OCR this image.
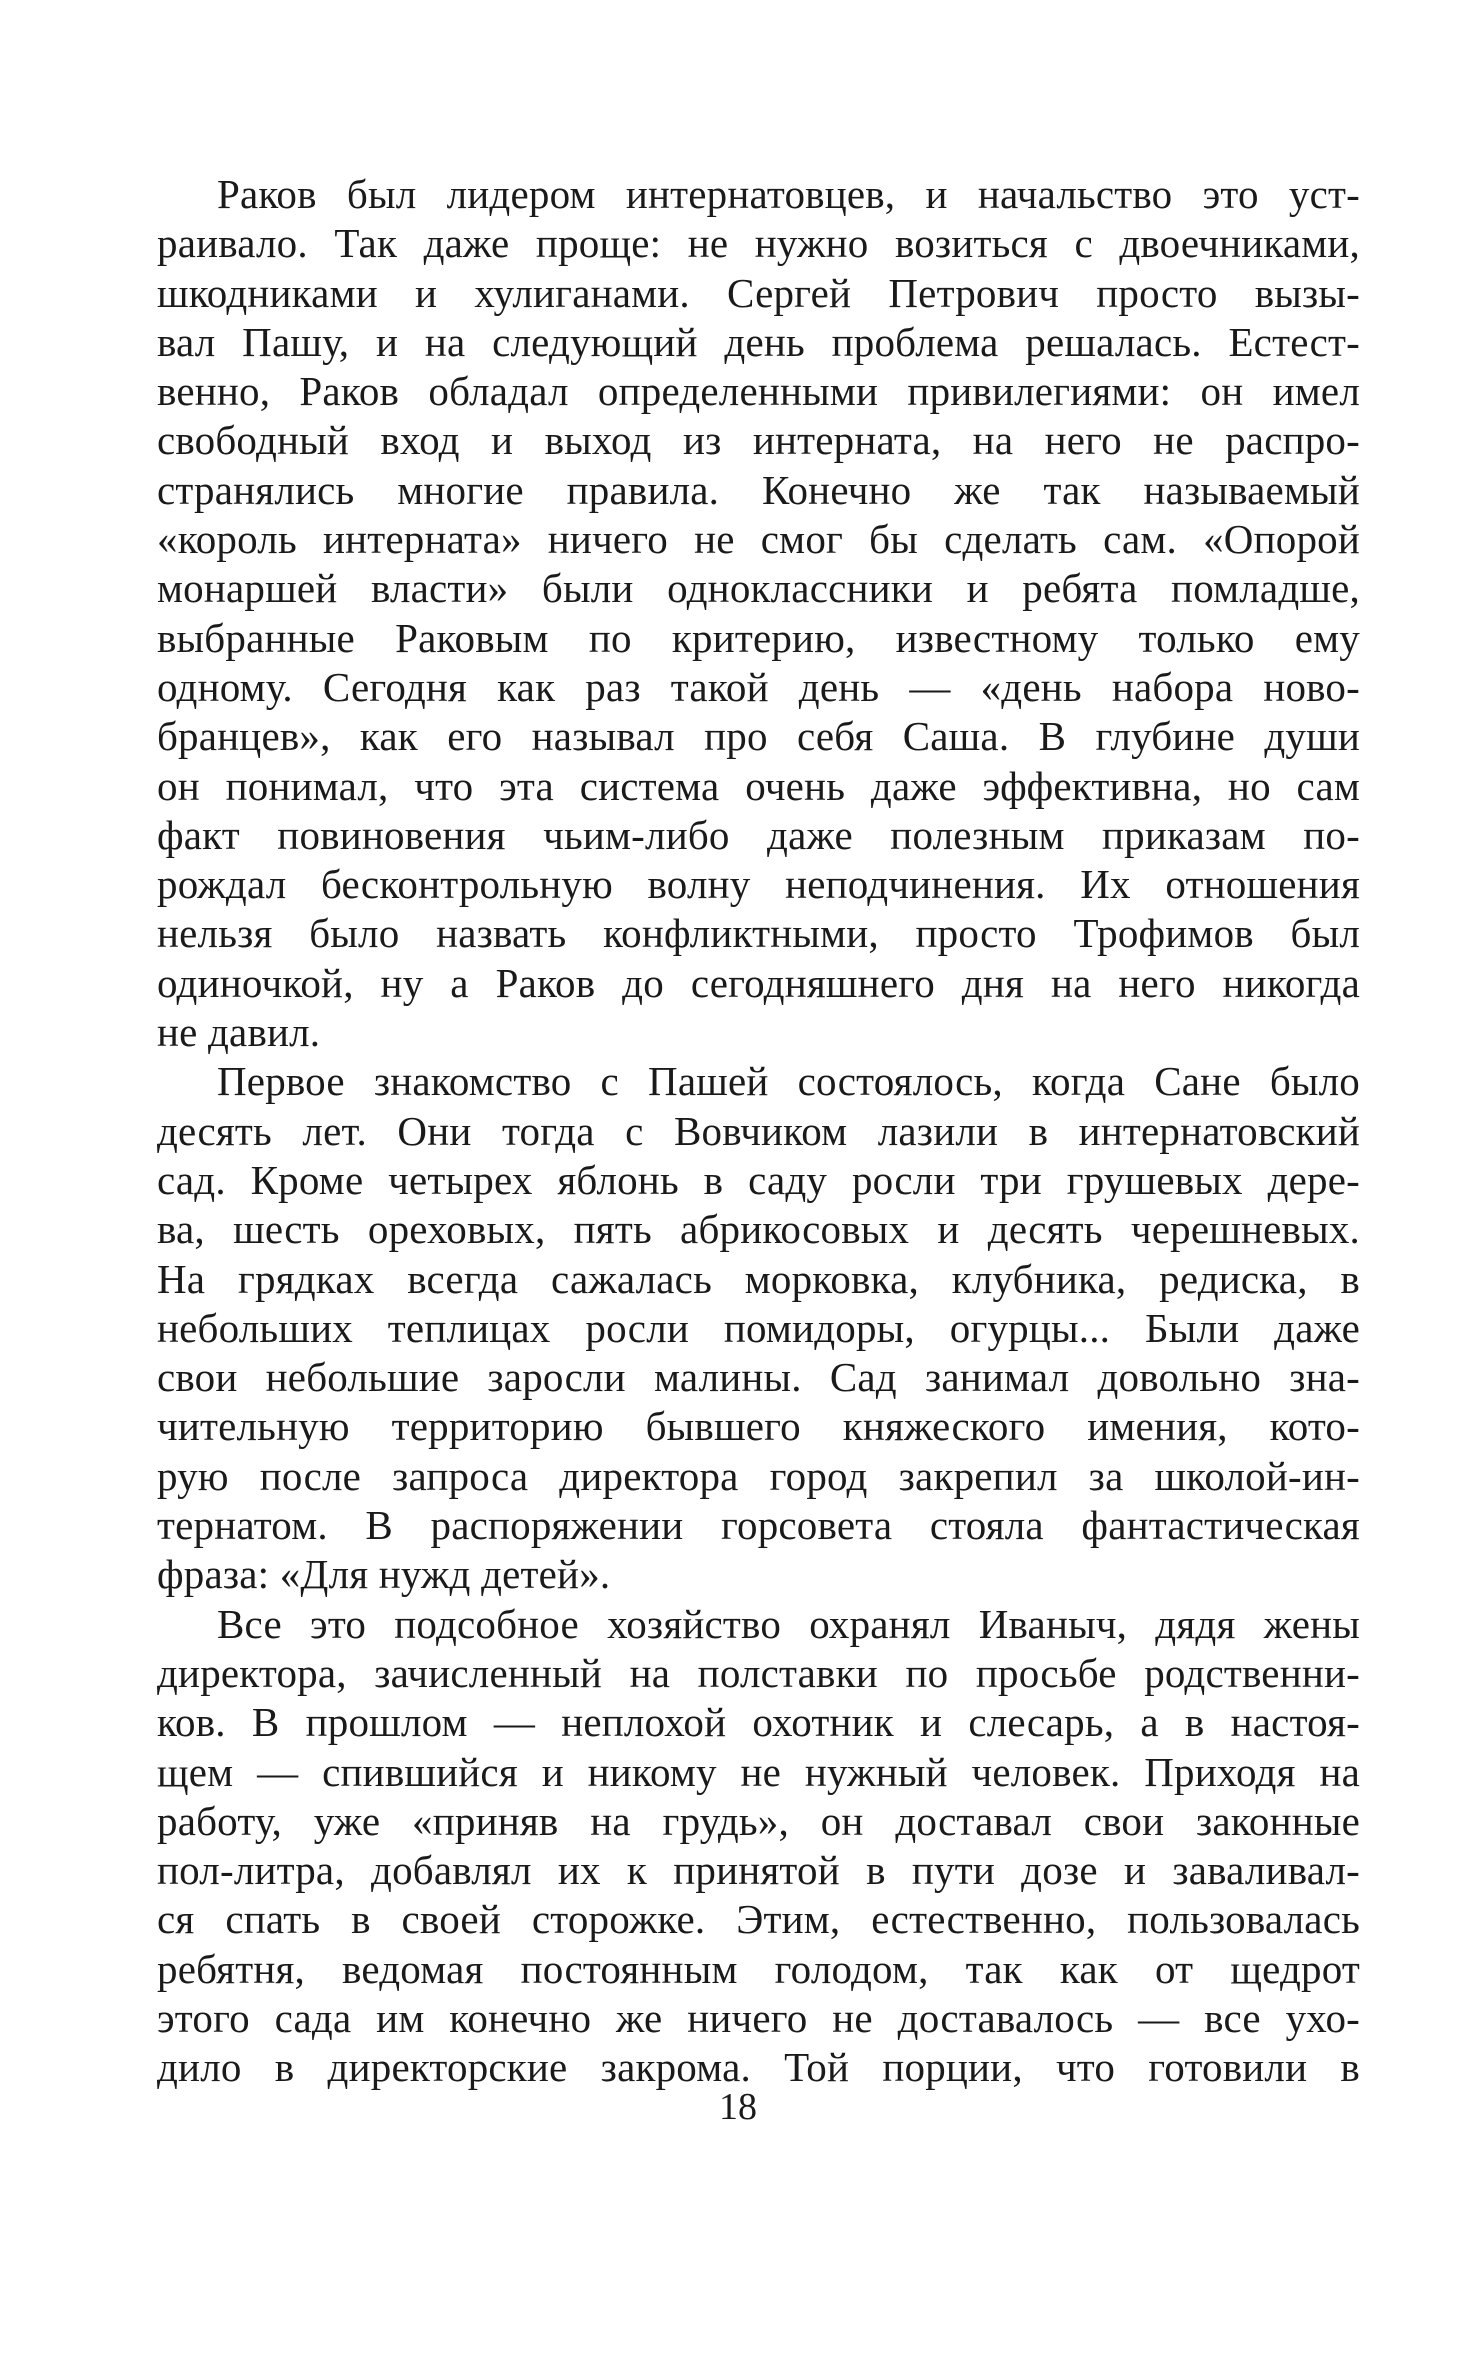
Раков был лидером интернатовцев, и начальство это уст-
раивало. Так даже проще: не нужно возиться с двоечниками,
шкодниками и хулиганами. Сергей Петрович просто вызы-
вал Пашу, и на следующий день проблема решалась. Естест-
венно, Раков обладал определенными привилегиями: он имел
свободный вход и выход из интерната, на него не распро-
странялись многие правила. Конечно же так называемый
«король интерната» ничего не смог бы сделать сам. «Опорой
монаршей власти» были одноклассники и ребята помладше,
выбранные Раковым по критерию, известному только ему
одному. Сегодня как раз такой день — «день набора ново-
бранцев», как его называл про себя Саша. В глубине души
он понимал, что эта система очень даже эффективна, но сам
факт повиновения чьим-либо даже полезным приказам по-
рождал бесконтрольную волну неподчинения. Их отношения
нельзя было назвать конфликтными, просто Трофимов был
одиночкой, ну а Раков до сегодняшнего дня на него никогда
не давил.
Первое знакомство с Пашей состоялось, когда Сане было
десять лет. Они тогда с Вовчиком лазили в интернатовский
сад. Кроме четырех яблонь в саду росли три грушевых дере-
ва, шесть ореховых, пять абрикосовых и десять черешневых.
На грядках всегда сажалась морковка, клубника, редиска, в
небольших теплицах росли помидоры, огурцы... Были даже
свои небольшие заросли малины. Сад занимал довольно зна-
чительную территорию бывшего княжеского имения, кото-
рую после запроса директора город закрепил за школой-ин-
тернатом. В распоряжении горсовета стояла фантастическая
фраза: «Для нужд детей».
Все это подсобное хозяйство охранял Иваныч, дядя жены
директора, зачисленный на полставки по просьбе родственни-
ков. В прошлом — неплохой охотник и слесарь, а в настоя-
щем — спившийся и никому не нужный человек. Приходя на
работу, уже «приняв на грудь», он доставал свои законные
пол-литра, добавлял их к принятой в пути дозе и заваливал-
ся спать в своей сторожке. Этим, естественно, пользовалась
ребятня, ведомая постоянным голодом, так как от щедрот
этого сада им конечно же ничего не доставалось — все ухо-
дило в директорские закрома. Той порции, что готовили в
18
